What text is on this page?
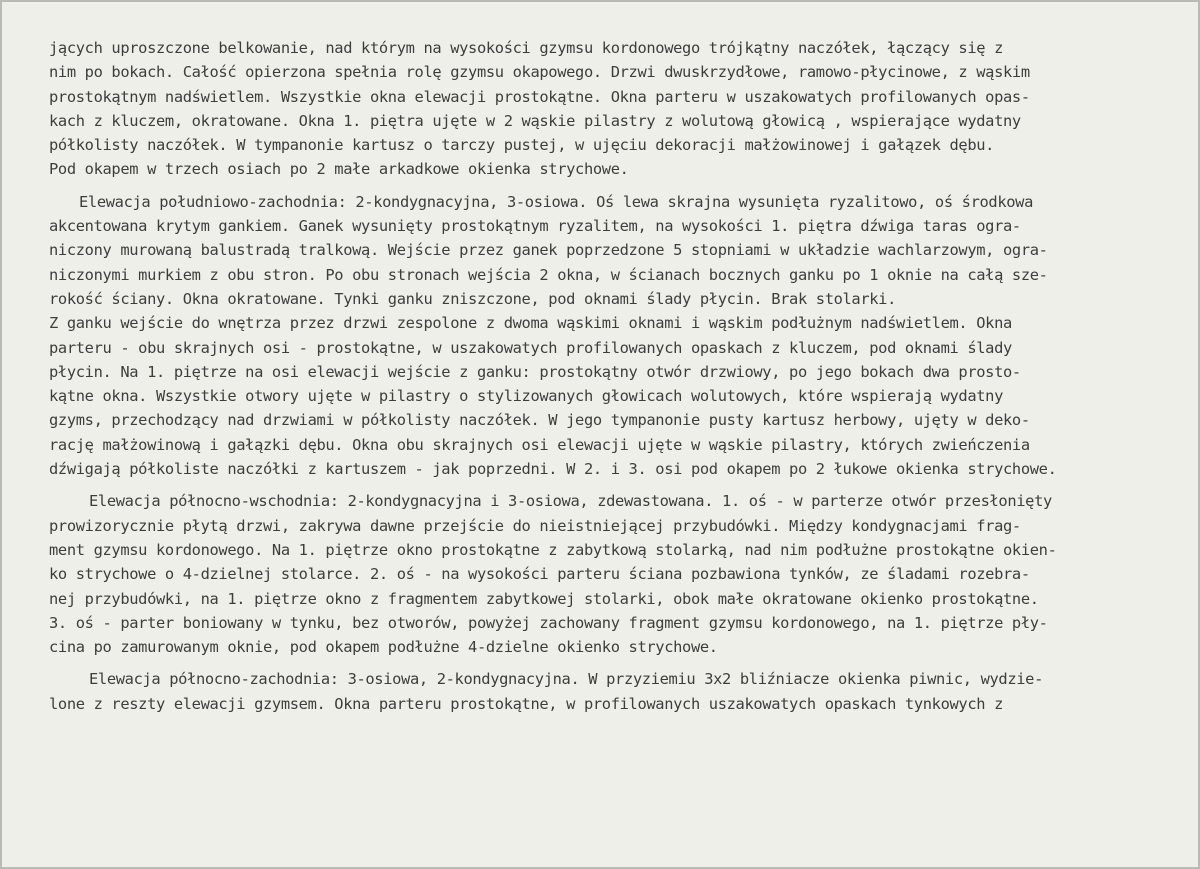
jących uproszczone belkowanie, nad którym na wysokości gzymsu kordonowego trójkątny naczółek, łączący się z
nim po bokach. Całość opierzona spełnia rolę gzymsu okapowego. Drzwi dwuskrzydłowe, ramowo-płycinowe, z wąskim
prostokątnym nadświetlem. Wszystkie okna elewacji prostokątne. Okna parteru w uszakowatych profilowanych opas-
kach z kluczem, okratowane. Okna 1. piętra ujęte w 2 wąskie pilastry z wolutową głowicą , wspierające wydatny
półkolisty naczółek. W tympanonie kartusz o tarczy pustej, w ujęciu dekoracji małżowinowej i gałązek dębu.
Pod okapem w trzech osiach po 2 małe arkadkowe okienka strychowe.
Elewacja południowo-zachodnia: 2-kondygnacyjna, 3-osiowa. Oś lewa skrajna wysunięta ryzalitowo, oś środkowa
akcentowana krytym gankiem. Ganek wysunięty prostokątnym ryzalitem, na wysokości 1. piętra dźwiga taras ogra-
niczony murowaną balustradą tralkową. Wejście przez ganek poprzedzone 5 stopniami w układzie wachlarzowym, ogra-
niczonymi murkiem z obu stron. Po obu stronach wejścia 2 okna, w ścianach bocznych ganku po 1 oknie na całą sze-
rokość ściany. Okna okratowane. Tynki ganku zniszczone, pod oknami ślady płycin. Brak stolarki.
Z ganku wejście do wnętrza przez drzwi zespolone z dwoma wąskimi oknami i wąskim podłużnym nadświetlem. Okna
parteru - obu skrajnych osi - prostokątne, w uszakowatych profilowanych opaskach z kluczem, pod oknami ślady
płycin. Na 1. piętrze na osi elewacji wejście z ganku: prostokątny otwór drzwiowy, po jego bokach dwa prosto-
kątne okna. Wszystkie otwory ujęte w pilastry o stylizowanych głowicach wolutowych, które wspierają wydatny
gzyms, przechodzący nad drzwiami w półkolisty naczółek. W jego tympanonie pusty kartusz herbowy, ujęty w deko-
rację małżowinową i gałązki dębu. Okna obu skrajnych osi elewacji ujęte w wąskie pilastry, których zwieńczenia
dźwigają półkoliste naczółki z kartuszem - jak poprzedni. W 2. i 3. osi pod okapem po 2 łukowe okienka strychowe.
Elewacja północno-wschodnia: 2-kondygnacyjna i 3-osiowa, zdewastowana. 1. oś - w parterze otwór przesłonięty
prowizorycznie płytą drzwi, zakrywa dawne przejście do nieistniejącej przybudówki. Między kondygnacjami frag-
ment gzymsu kordonowego. Na 1. piętrze okno prostokątne z zabytkową stolarką, nad nim podłużne prostokątne okien-
ko strychowe o 4-dzielnej stolarce. 2. oś - na wysokości parteru ściana pozbawiona tynków, ze śladami rozebra-
nej przybudówki, na 1. piętrze okno z fragmentem zabytkowej stolarki, obok małe okratowane okienko prostokątne.
3. oś - parter boniowany w tynku, bez otworów, powyżej zachowany fragment gzymsu kordonowego, na 1. piętrze pły-
cina po zamurowanym oknie, pod okapem podłużne 4-dzielne okienko strychowe.
Elewacja północno-zachodnia: 3-osiowa, 2-kondygnacyjna. W przyziemiu 3x2 bliźniacze okienka piwnic, wydzie-
lone z reszty elewacji gzymsem. Okna parteru prostokątne, w profilowanych uszakowatych opaskach tynkowych z
